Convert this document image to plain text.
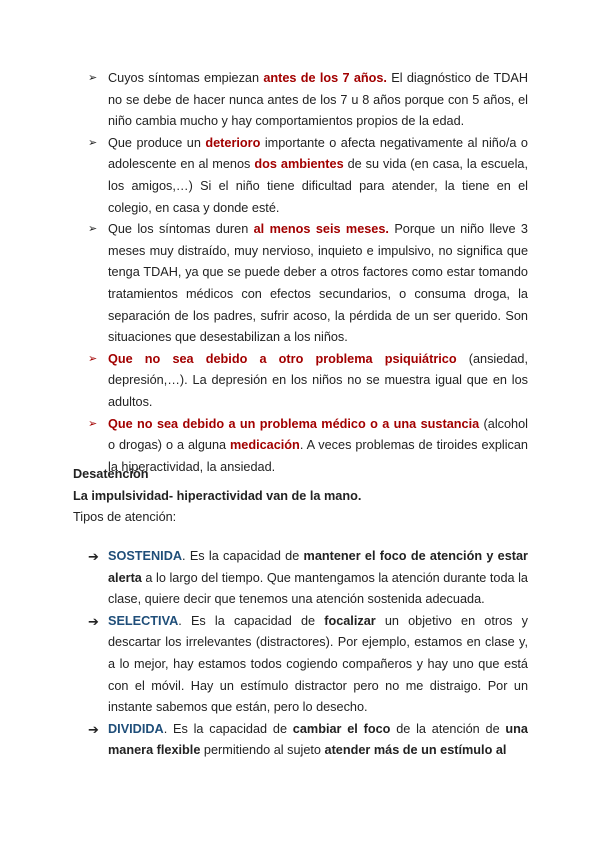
➢ Cuyos síntomas empiezan antes de los 7 años. El diagnóstico de TDAH no se debe de hacer nunca antes de los 7 u 8 años porque con 5 años, el niño cambia mucho y hay comportamientos propios de la edad.
➢ Que produce un deterioro importante o afecta negativamente al niño/a o adolescente en al menos dos ambientes de su vida (en casa, la escuela, los amigos,…) Si el niño tiene dificultad para atender, la tiene en el colegio, en casa y donde esté.
➢ Que los síntomas duren al menos seis meses. Porque un niño lleve 3 meses muy distraído, muy nervioso, inquieto e impulsivo, no significa que tenga TDAH, ya que se puede deber a otros factores como estar tomando tratamientos médicos con efectos secundarios, o consuma droga, la separación de los padres, sufrir acoso, la pérdida de un ser querido. Son situaciones que desestabilizan a los niños.
➢ Que no sea debido a otro problema psiquiátrico (ansiedad, depresión,…). La depresión en los niños no se muestra igual que en los adultos.
➢ Que no sea debido a un problema médico o a una sustancia (alcohol o drogas) o a alguna medicación. A veces problemas de tiroides explican la hiperactividad, la ansiedad.
Desatención
La impulsividad- hiperactividad van de la mano.
Tipos de atención:
➔ SOSTENIDA. Es la capacidad de mantener el foco de atención y estar alerta a lo largo del tiempo. Que mantengamos la atención durante toda la clase, quiere decir que tenemos una atención sostenida adecuada.
➔ SELECTIVA. Es la capacidad de focalizar un objetivo en otros y descartar los irrelevantes (distractores). Por ejemplo, estamos en clase y, a lo mejor, hay estamos todos cogiendo compañeros y hay uno que está con el móvil. Hay un estímulo distractor pero no me distraigo. Por un instante sabemos que están, pero lo desecho.
➔ DIVIDIDA. Es la capacidad de cambiar el foco de la atención de una manera flexible permitiendo al sujeto atender más de un estímulo al
